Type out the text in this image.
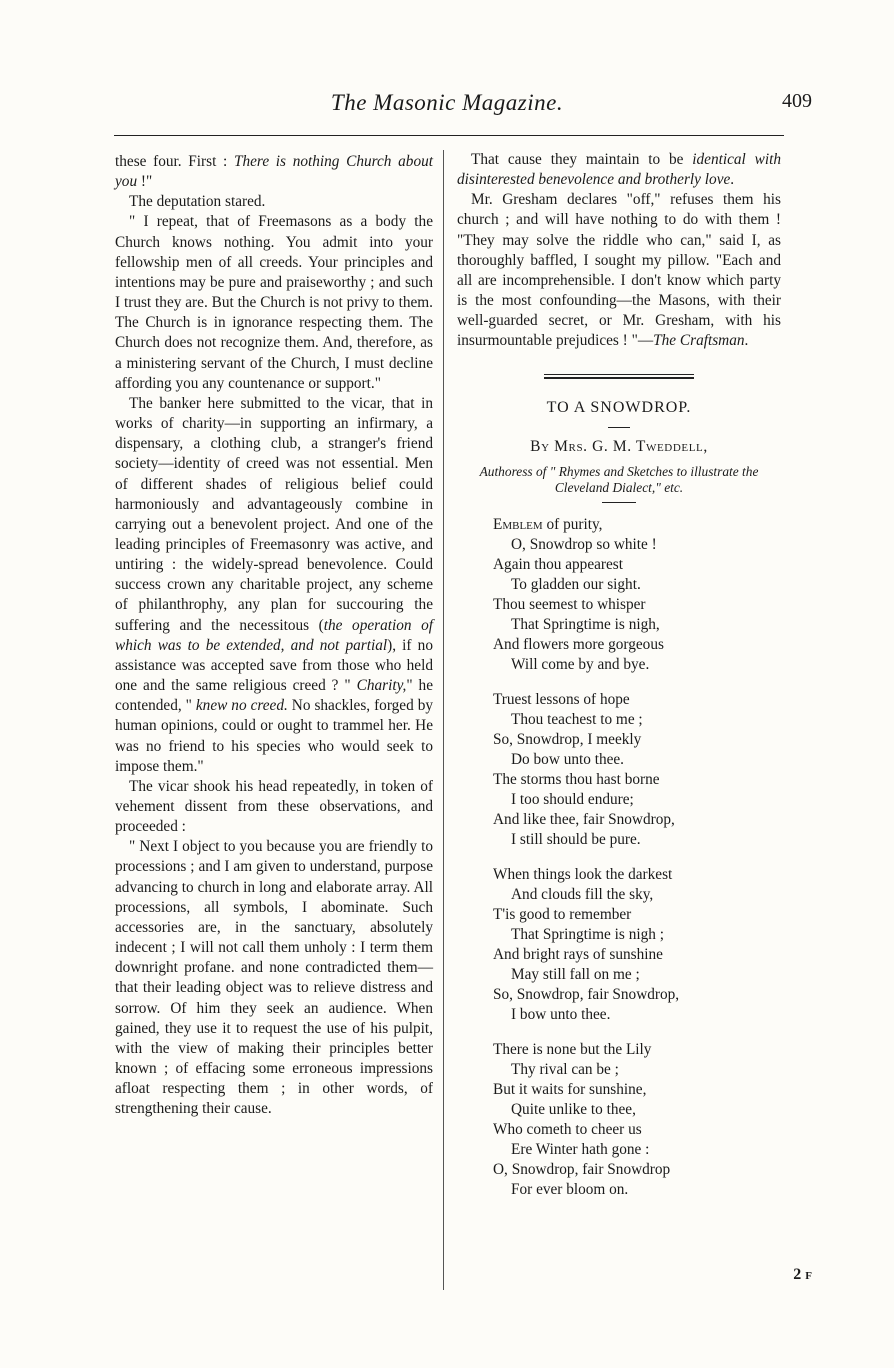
The Masonic Magazine.	409

these four. First : There is nothing Church about you !"

The deputation stared.

" I repeat, that of Freemasons as a body the Church knows nothing. You admit into your fellowship men of all creeds. Your principles and intentions may be pure and praiseworthy ; and such I trust they are. But the Church is not privy to them. The Church is in ignorance respecting them. The Church does not recognize them. And, therefore, as a ministering servant of the Church, I must decline affording you any countenance or support."

The banker here submitted to the vicar, that in works of charity—in supporting an infirmary, a dispensary, a clothing club, a stranger's friend society—identity of creed was not essential. Men of different shades of religious belief could harmoniously and advantageously combine in carrying out a benevolent project. And one of the leading principles of Freemasonry was active, and untiring : the widely-spread benevolence. Could success crown any charitable project, any scheme of philanthrophy, any plan for succouring the suffering and the necessitous (the operation of which was to be extended, and not partial), if no assistance was accepted save from those who held one and the same religious creed ? " Charity," he contended, " knew no creed. No shackles, forged by human opinions, could or ought to trammel her. He was no friend to his species who would seek to impose them."

The vicar shook his head repeatedly, in token of vehement dissent from these observations, and proceeded :

" Next I object to you because you are friendly to processions ; and I am given to understand, purpose advancing to church in long and elaborate array. All processions, all symbols, I abominate. Such accessories are, in the sanctuary, absolutely indecent ; I will not call them unholy : I term them downright profane. and none contradicted them—that their leading object was to relieve distress and sorrow. Of him they seek an audience. When gained, they use it to request the use of his pulpit, with the view of making their principles better known ; of effacing some erroneous impressions afloat respecting them ; in other words, of strengthening their cause.

That cause they maintain to be identical with disinterested benevolence and brotherly love.

Mr. Gresham declares "off," refuses them his church ; and will have nothing to do with them ! "They may solve the riddle who can," said I, as thoroughly baffled, I sought my pillow. "Each and all are incomprehensible. I don't know which party is the most confounding—the Masons, with their well-guarded secret, or Mr. Gresham, with his insurmountable prejudices ! "—The Craftsman.

TO A SNOWDROP.
By Mrs. G. M. Tweddell,

Authoress of " Rhymes and Sketches to illustrate the Cleveland Dialect," etc.

Emblem of purity,
O, Snowdrop so white !
Again thou appearest
To gladden our sight.
Thou seemest to whisper
That Springtime is nigh,
And flowers more gorgeous
Will come by and bye.
Truest lessons of hope
Thou teachest to me ;
So, Snowdrop, I meekly
Do bow unto thee.
The storms thou hast borne
I too should endure;
And like thee, fair Snowdrop,
I still should be pure.
When things look the darkest
And clouds fill the sky,
T'is good to remember
That Springtime is nigh ;
And bright rays of sunshine
May still fall on me ;
So, Snowdrop, fair Snowdrop,
I bow unto thee.
There is none but the Lily
Thy rival can be ;
But it waits for sunshine,
Quite unlike to thee,
Who cometh to cheer us
Ere Winter hath gone :
O, Snowdrop, fair Snowdrop
For ever bloom on.
2 F
